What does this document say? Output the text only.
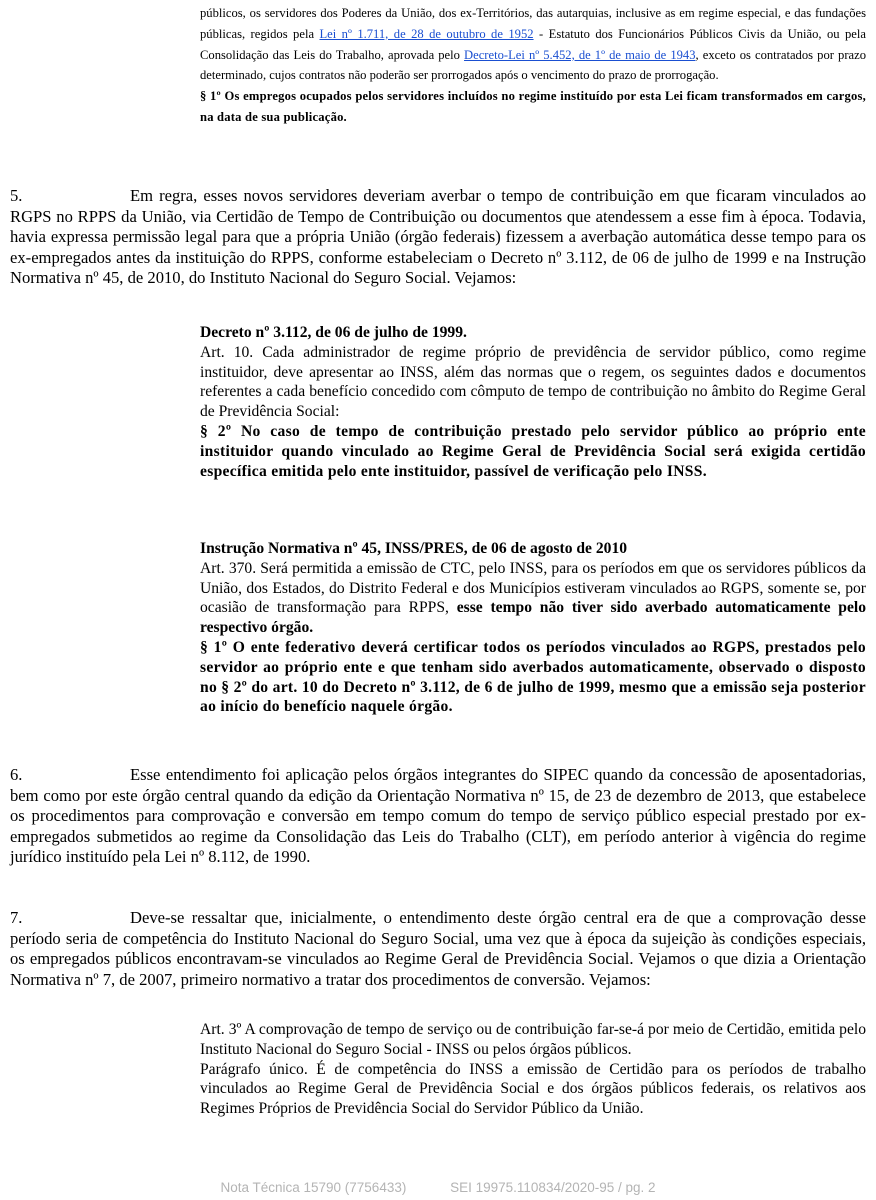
públicos, os servidores dos Poderes da União, dos ex-Territórios, das autarquias, inclusive as em regime especial, e das fundações públicas, regidos pela Lei nº 1.711, de 28 de outubro de 1952 - Estatuto dos Funcionários Públicos Civis da União, ou pela Consolidação das Leis do Trabalho, aprovada pelo Decreto-Lei nº 5.452, de 1º de maio de 1943, exceto os contratados por prazo determinado, cujos contratos não poderão ser prorrogados após o vencimento do prazo de prorrogação.

§ 1º Os empregos ocupados pelos servidores incluídos no regime instituído por esta Lei ficam transformados em cargos, na data de sua publicação.

5.	Em regra, esses novos servidores deveriam averbar o tempo de contribuição em que ficaram vinculados ao RGPS no RPPS da União, via Certidão de Tempo de Contribuição ou documentos que atendessem a esse fim à época. Todavia, havia expressa permissão legal para que a própria União (órgão federais) fizessem a averbação automática desse tempo para os ex-empregados antes da instituição do RPPS, conforme estabeleciam o Decreto nº 3.112, de 06 de julho de 1999 e na Instrução Normativa nº 45, de 2010, do Instituto Nacional do Seguro Social. Vejamos:

Decreto nº 3.112, de 06 de julho de 1999.

Art. 10. Cada administrador de regime próprio de previdência de servidor público, como regime instituidor, deve apresentar ao INSS, além das normas que o regem, os seguintes dados e documentos referentes a cada benefício concedido com cômputo de tempo de contribuição no âmbito do Regime Geral de Previdência Social:

§ 2º No caso de tempo de contribuição prestado pelo servidor público ao próprio ente instituidor quando vinculado ao Regime Geral de Previdência Social será exigida certidão específica emitida pelo ente instituidor, passível de verificação pelo INSS.

Instrução Normativa nº 45, INSS/PRES, de 06 de agosto de 2010

Art. 370. Será permitida a emissão de CTC, pelo INSS, para os períodos em que os servidores públicos da União, dos Estados, do Distrito Federal e dos Municípios estiveram vinculados ao RGPS, somente se, por ocasião de transformação para RPPS, esse tempo não tiver sido averbado automaticamente pelo respectivo órgão.

§ 1º O ente federativo deverá certificar todos os períodos vinculados ao RGPS, prestados pelo servidor ao próprio ente e que tenham sido averbados automaticamente, observado o disposto no § 2º do art. 10 do Decreto nº 3.112, de 6 de julho de 1999, mesmo que a emissão seja posterior ao início do benefício naquele órgão.

6.	Esse entendimento foi aplicação pelos órgãos integrantes do SIPEC quando da concessão de aposentadorias, bem como por este órgão central quando da edição da Orientação Normativa nº 15, de 23 de dezembro de 2013, que estabelece os procedimentos para comprovação e conversão em tempo comum do tempo de serviço público especial prestado por ex-empregados submetidos ao regime da Consolidação das Leis do Trabalho (CLT), em período anterior à vigência do regime jurídico instituído pela Lei nº 8.112, de 1990.

7.	Deve-se ressaltar que, inicialmente, o entendimento deste órgão central era de que a comprovação desse período seria de competência do Instituto Nacional do Seguro Social, uma vez que à época da sujeição às condições especiais, os empregados públicos encontravam-se vinculados ao Regime Geral de Previdência Social. Vejamos o que dizia a Orientação Normativa nº 7, de 2007, primeiro normativo a tratar dos procedimentos de conversão. Vejamos:

Art. 3º A comprovação de tempo de serviço ou de contribuição far-se-á por meio de Certidão, emitida pelo Instituto Nacional do Seguro Social - INSS ou pelos órgãos públicos.

Parágrafo único. É de competência do INSS a emissão de Certidão para os períodos de trabalho vinculados ao Regime Geral de Previdência Social e dos órgãos públicos federais, os relativos aos Regimes Próprios de Previdência Social do Servidor Público da União.

Nota Técnica 15790 (7756433)	SEI 19975.110834/2020-95 / pg. 2
